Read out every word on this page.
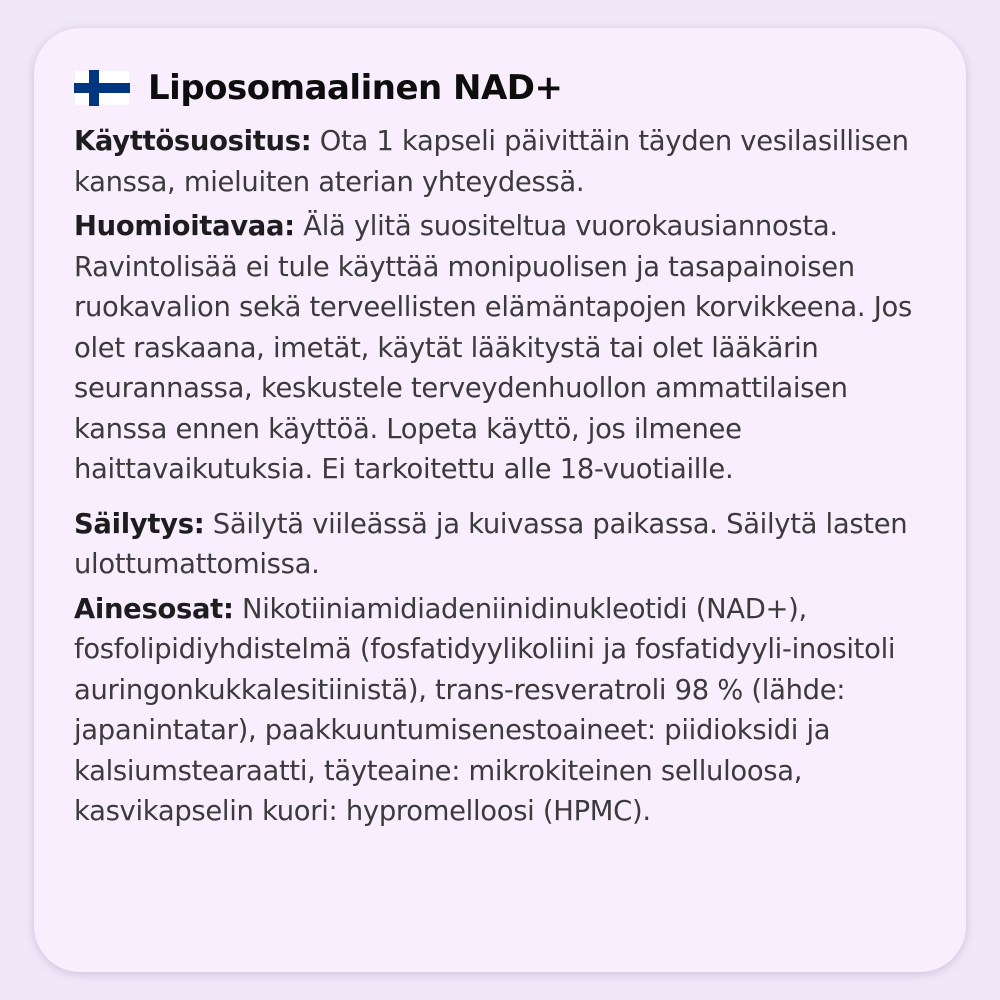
Liposomaalinen NAD+

Käyttösuositus: Ota 1 kapseli päivittäin täyden vesilasillisen kanssa, mieluiten aterian yhteydessä.

Huomioitavaa: Älä ylitä suositeltua vuorokausiannosta. Ravintolisää ei tule käyttää monipuolisen ja tasapainoisen ruokavalion sekä terveellisten elämäntapojen korvikkeena. Jos olet raskaana, imetät, käytät lääkitystä tai olet lääkärin seurannassa, keskustele terveydenhuollon ammattilaisen kanssa ennen käyttöä. Lopeta käyttö, jos ilmenee haittavaikutuksia. Ei tarkoitettu alle 18-vuotiaille.

Säilytys: Säilytä viileässä ja kuivassa paikassa. Säilytä lasten ulottumattomissa.

Ainesosat: Nikotiiniamidiadeniinidinukleotidi (NAD+), fosfolipidiyhdistelmä (fosfatidyylikoliini ja fosfatidyyli-inositoli auringonkukkalesitiinistä), trans-resveratroli 98 % (lähde: japanintatar), paakkuuntumisenestoaineet: piidioksidi ja kalsiumstearaatti, täyteaine: mikrokiteinen selluloosa, kasvikapselin kuori: hypromelloosi (HPMC).
